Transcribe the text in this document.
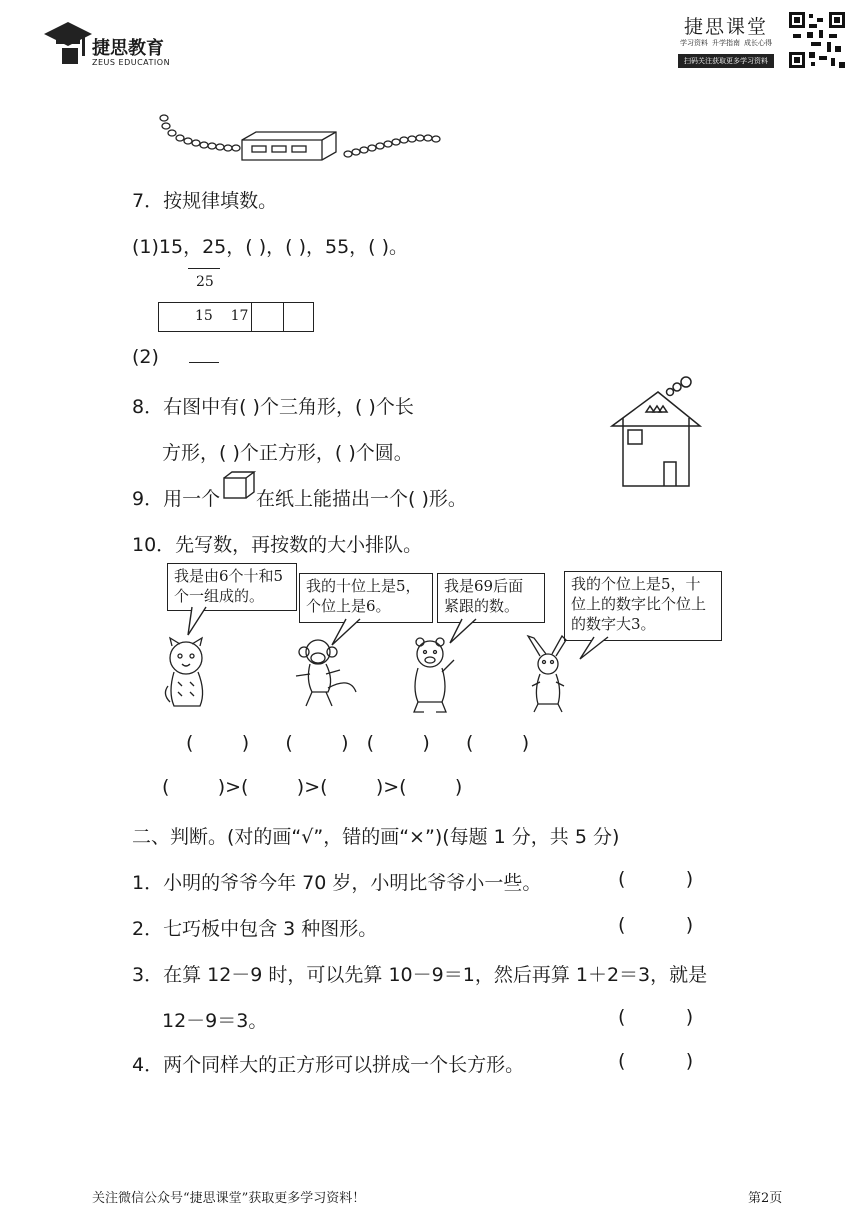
捷思教育
ZEUS EDUCATION
捷思课堂
学习资料 升学指南 成长心得
扫码关注获取更多学习资料
7．按规律填数。
(1)15，25，( )，( )，55，( )。
25
15    17
(2)
8．右图中有( )个三角形，( )个长
方形，( )个正方形，( )个圆。
9．用一个 在纸上能描出一个( )形。
10．先写数，再按数的大小排队。
我是由6个十和5个一组成的。
我的十位上是5，个位上是6。
我是69后面紧跟的数。
我的个位上是5，十位上的数字比个位上的数字大3。
(        )      (        )   (        )      (        )
(        )>(        )>(        )>(        )
二、判断。(对的画“√”，错的画“×”)(每题 1 分，共 5 分)
1．小明的爷爷今年 70 岁，小明比爷爷小一些。	(          )
2．七巧板中包含 3 种图形。	(          )
3．在算 12－9 时，可以先算 10－9＝1，然后再算 1＋2＝3，就是
12－9＝3。	(          )
4．两个同样大的正方形可以拼成一个长方形。	(          )
关注微信公众号“捷思课堂”获取更多学习资料！	第2页
